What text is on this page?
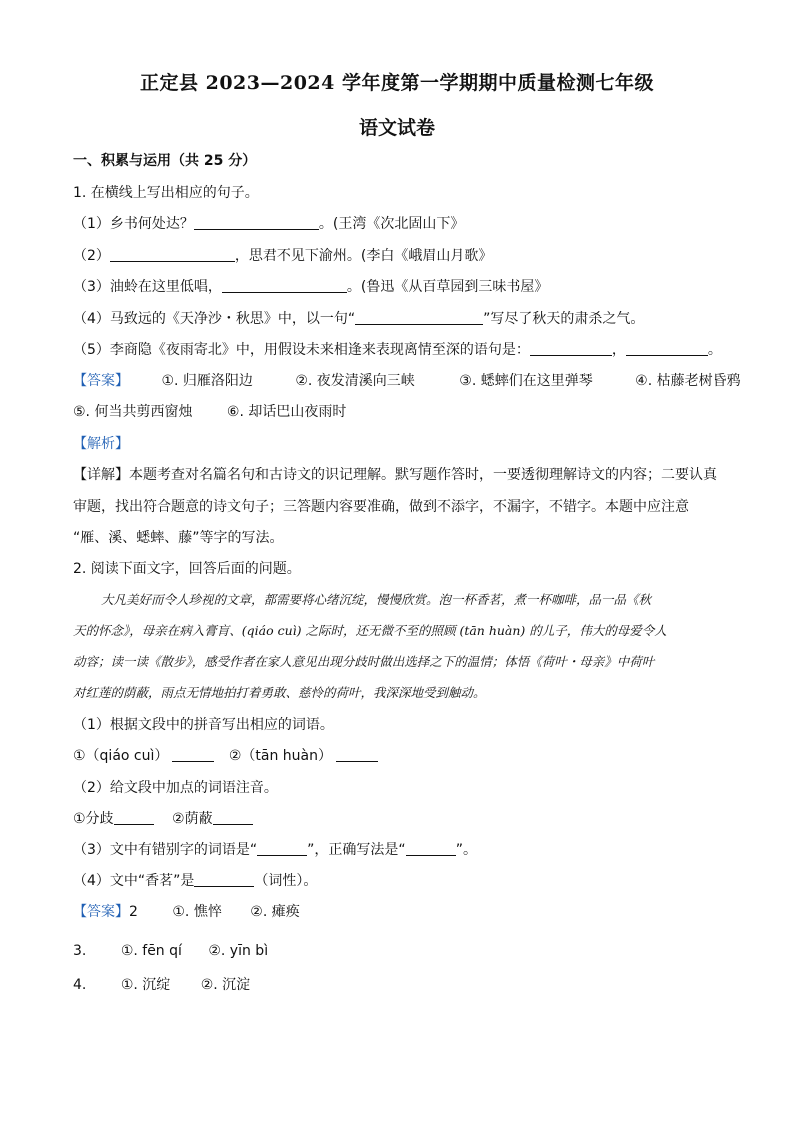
正定县 2023—2024 学年度第一学期期中质量检测七年级
语文试卷
一、积累与运用（共 25 分）
1. 在横线上写出相应的句子。
（1）乡书何处达？	。(王湾《次北固山下》
（2）	，思君不见下渝州。(李白《峨眉山月歌》
（3）油蛉在这里低唱，	。(鲁迅《从百草园到三味书屋》
（4）马致远的《天净沙・秋思》中，以一句“	”写尽了秋天的肃杀之气。
（5）李商隐《夜雨寄北》中，用假设未来相逢来表现离情至深的语句是：	，	。
【答案】 ①. 归雁洛阳边	②. 夜发清溪向三峡	③. 蟋蟀们在这里弹琴	④. 枯藤老树昏鸦
⑤. 何当共剪西窗烛 ⑥. 却话巴山夜雨时
【解析】
【详解】本题考查对名篇名句和古诗文的识记理解。默写题作答时，一要透彻理解诗文的内容；二要认真
审题，找出符合题意的诗文句子；三答题内容要准确，做到不添字，不漏字，不错字。本题中应注意
“雁、溪、蟋蟀、藤”等字的写法。
2. 阅读下面文字，回答后面的问题。
大凡美好而令人珍视的文章，都需要将心绪沉绽，慢慢欣赏。泡一杯香茗，煮一杯咖啡，品一品《秋
天的怀念》，母亲在病入膏肓、(qiáo cuì) 之际时，还无微不至的照顾 (tān huàn) 的儿子，伟大的母爱令人
动容；读一读《散步》，感受作者在家人意见出现分歧时做出选择之下的温情；体悟《荷叶・母亲》中荷叶
对红莲的荫蔽，雨点无情地拍打着勇敢、慈怜的荷叶，我深深地受到触动。
（1）根据文段中的拼音写出相应的词语。
①（qiáo cuì）	②（tān huàn）
（2）给文段中加点的词语注音。
①分歧	②荫蔽
（3）文中有错别字的词语是“	”，正确写法是“	”。
（4）文中“香茗”是	（词性）。
【答案】2 ①. 憔悴 ②. 瘫痪
3. ①. fēn qí ②. yīn bì
4. ①. 沉绽 ②. 沉淀
